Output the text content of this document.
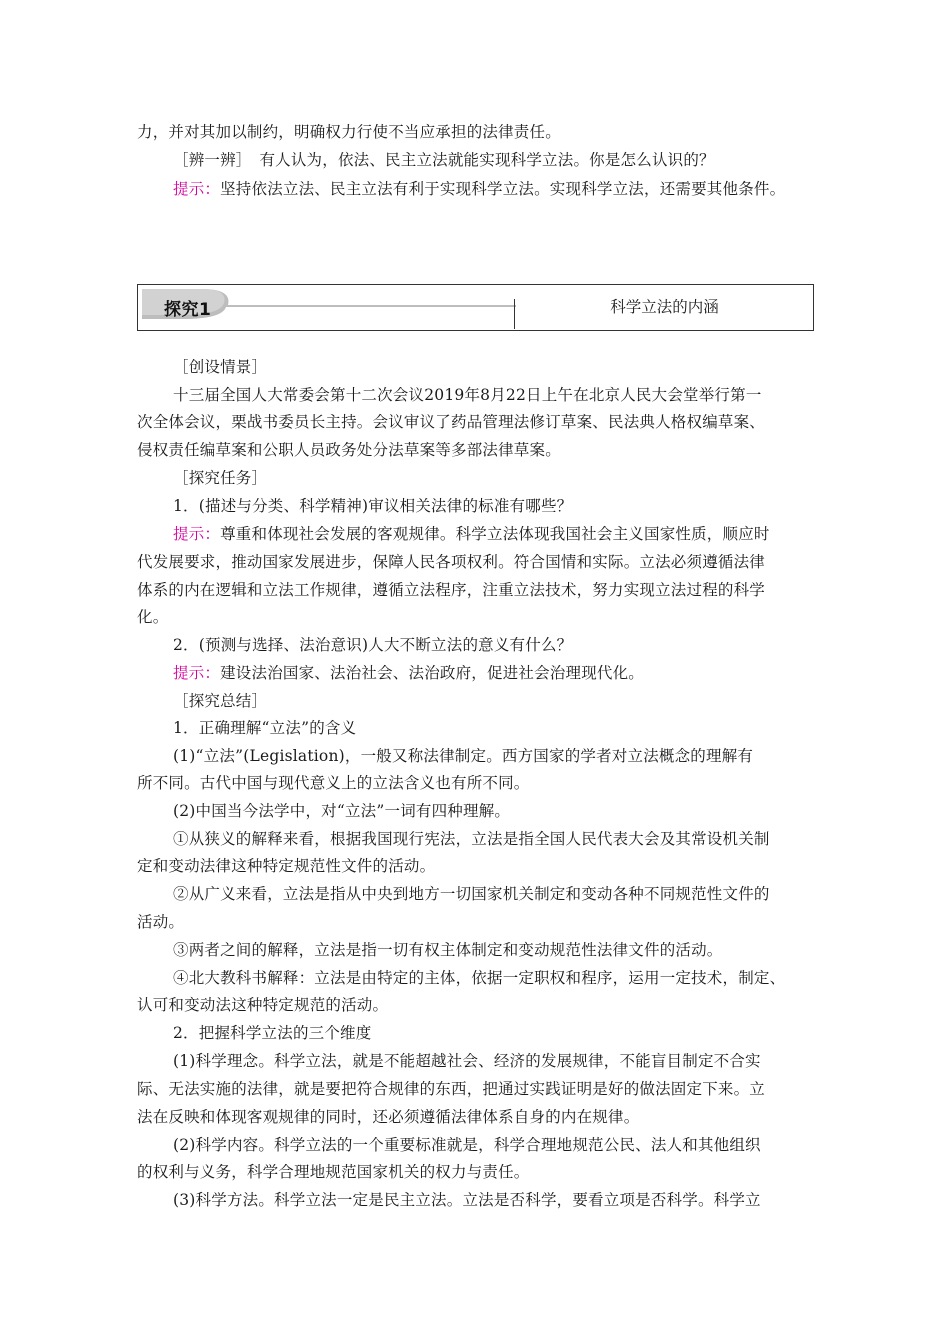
力，并对其加以制约，明确权力行使不当应承担的法律责任。
［辨一辨］　有人认为，依法、民主立法就能实现科学立法。你是怎么认识的？
提示：坚持依法立法、民主立法有利于实现科学立法。实现科学立法，还需要其他条件。
探究1	科学立法的内涵
［创设情景］
十三届全国人大常委会第十二次会议2019年8月22日上午在北京人民大会堂举行第一
次全体会议，栗战书委员长主持。会议审议了药品管理法修订草案、民法典人格权编草案、
侵权责任编草案和公职人员政务处分法草案等多部法律草案。
［探究任务］
1．(描述与分类、科学精神)审议相关法律的标准有哪些？
提示：尊重和体现社会发展的客观规律。科学立法体现我国社会主义国家性质，顺应时
代发展要求，推动国家发展进步，保障人民各项权利。符合国情和实际。立法必须遵循法律
体系的内在逻辑和立法工作规律，遵循立法程序，注重立法技术，努力实现立法过程的科学
化。
2．(预测与选择、法治意识)人大不断立法的意义有什么？
提示：建设法治国家、法治社会、法治政府，促进社会治理现代化。
［探究总结］
1．正确理解“立法”的含义
(1)“立法”(Legislation)，一般又称法律制定。西方国家的学者对立法概念的理解有
所不同。古代中国与现代意义上的立法含义也有所不同。
(2)中国当今法学中，对“立法”一词有四种理解。
①从狭义的解释来看，根据我国现行宪法，立法是指全国人民代表大会及其常设机关制
定和变动法律这种特定规范性文件的活动。
②从广义来看，立法是指从中央到地方一切国家机关制定和变动各种不同规范性文件的
活动。
③两者之间的解释，立法是指一切有权主体制定和变动规范性法律文件的活动。
④北大教科书解释：立法是由特定的主体，依据一定职权和程序，运用一定技术，制定、
认可和变动法这种特定规范的活动。
2．把握科学立法的三个维度
(1)科学理念。科学立法，就是不能超越社会、经济的发展规律，不能盲目制定不合实
际、无法实施的法律，就是要把符合规律的东西，把通过实践证明是好的做法固定下来。立
法在反映和体现客观规律的同时，还必须遵循法律体系自身的内在规律。
(2)科学内容。科学立法的一个重要标准就是，科学合理地规范公民、法人和其他组织
的权利与义务，科学合理地规范国家机关的权力与责任。
(3)科学方法。科学立法一定是民主立法。立法是否科学，要看立项是否科学。科学立
